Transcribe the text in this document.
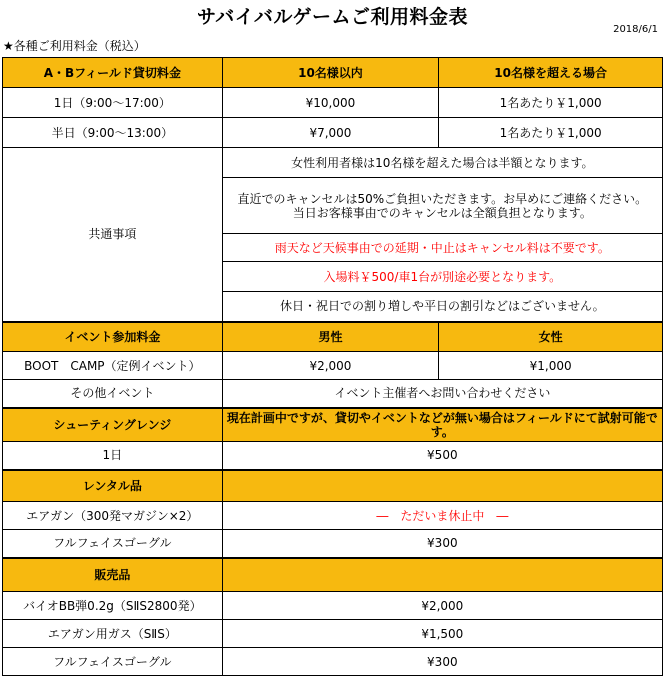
サバイバルゲームご利用料金表
2018/6/1
★各種ご利用料金（税込）
A・Bフィールド貸切料金	10名様以内	10名様を超える場合
1日（9:00～17:00）	¥10,000	1名あたり￥1,000
半日（9:00～13:00）	¥7,000	1名あたり￥1,000
共通事項	女性利用者様は10名様を超えた場合は半額となります。	

	直近でのキャンセルは50%ご負担いただきます。お早めにご連絡ください。
当日お客様事由でのキャンセルは全額負担となります。	

	雨天など天候事由での延期・中止はキャンセル料は不要です。	
	入場料￥500/車1台が別途必要となります。	
	休日・祝日での割り増しや平日の割引などはございません。	
イベント参加料金	男性	女性
BOOT　CAMP（定例イベント）	¥2,000	¥1,000
その他イベント	イベント主催者へお問い合わせください	
シューティングレンジ	現在計画中ですが、貸切やイベントなどが無い場合はフィールドにて試射可能です。	
1日	¥500	
レンタル品		
エアガン（300発マガジン×2）	―　ただいま休止中　―	
フルフェイスゴーグル	¥300	
販売品		
バイオBB弾0.2g（SⅡS2800発）	¥2,000	
エアガン用ガス（SⅡS）	¥1,500	
フルフェイスゴーグル	¥300	
